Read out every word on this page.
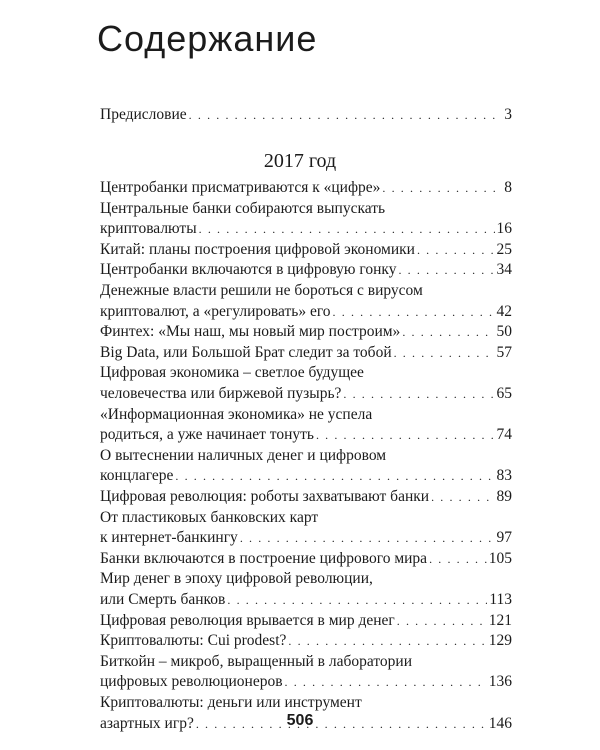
Содержание
Предисловие . . .	3
2017 год
Центробанки присматриваются к «цифре» . . .	8
Центральные банки собираются выпускать
криптовалюты . . .	16
Китай: планы построения цифровой экономики . . .	25
Центробанки включаются в цифровую гонку . . .	34
Денежные власти решили не бороться с вирусом
криптовалют, а «регулировать» его . . .	42
Финтех: «Мы наш, мы новый мир построим» . . .	50
Big Data, или Большой Брат следит за тобой . . .	57
Цифровая экономика – светлое будущее
человечества или биржевой пузырь? . . .	65
«Информационная экономика» не успела
родиться, а уже начинает тонуть . . .	74
О вытеснении наличных денег и цифровом
концлагере . . .	83
Цифровая революция: роботы захватывают банки . . .	89
От пластиковых банковских карт
к интернет-банкингу . . .	97
Банки включаются в построение цифрового мира . . .	105
Мир денег в эпоху цифровой революции,
или Смерть банков . . .	113
Цифровая революция врывается в мир денег . . .	121
Криптовалюты: Cui prodest? . . .	129
Биткойн – микроб, выращенный в лаборатории
506
цифровых революционеров . . .	136
Криптовалюты: деньги или инструмент
азартных игр? . . .	146
